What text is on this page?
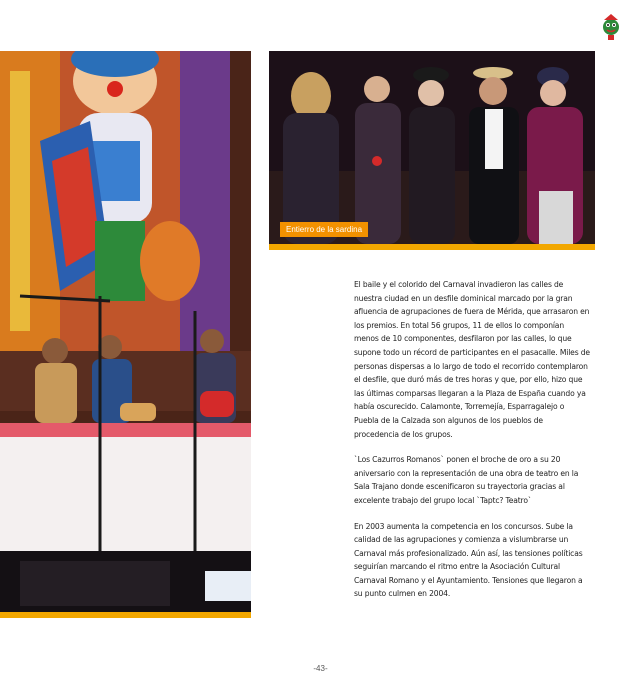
Entierro de la sardina

El baile y el colorido del Carnaval invadieron las calles de nuestra ciudad en un desfile dominical marcado por la gran afluencia de agrupaciones de fuera de Mérida, que arrasaron en los premios. En total 56 grupos, 11 de ellos lo componían menos de 10 componentes, desfilaron por las calles, lo que supone todo un récord de participantes en el pasacalle. Miles de personas dispersas a lo largo de todo el recorrido contemplaron el desfile, que duró más de tres horas y que, por ello, hizo que las últimas comparsas llegaran a la Plaza de España cuando ya había oscurecido. Calamonte, Torremejía, Esparragalejo o Puebla de la Calzada son algunos de los pueblos de procedencia de los grupos.

`Los Cazurros Romanos` ponen el broche de oro a su 20 aniversario con la representación de una obra de teatro en la Sala Trajano donde escenificaron su trayectoria gracias al excelente trabajo del grupo local `Taptc? Teatro`

En 2003 aumenta la competencia en los concursos. Sube la calidad de las agrupaciones y comienza a vislumbrarse un Carnaval más profesionalizado. Aún así, las tensiones políticas seguirían marcando el ritmo entre la Asociación Cultural Carnaval Romano y el Ayuntamiento. Tensiones que llegaron a su punto culmen en 2004.

-43-
